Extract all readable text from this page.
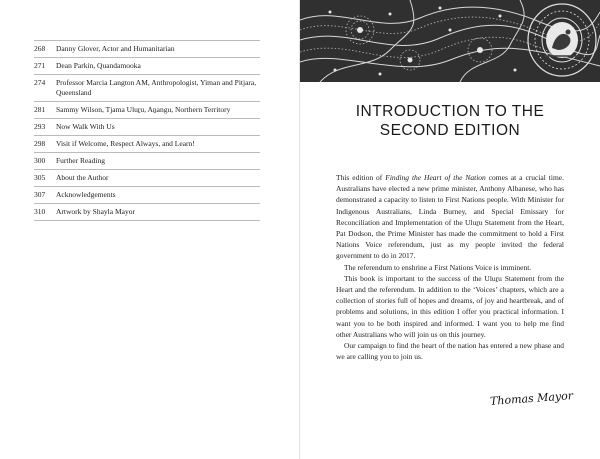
268	Danny Glover, Actor and Humanitarian
271	Dean Parkin, Quandamooka
274	Professor Marcia Langton AM, Anthropologist, Yiman and Pitjara, Queensland
281	Sammy Wilson, Tjama Uluṟu, Aṉangu, Northern Territory
293	Now Walk With Us
298	Visit if Welcome, Respect Always, and Learn!
300	Further Reading
305	About the Author
307	Acknowledgements
310	Artwork by Shayla Mayor
INTRODUCTION TO THE
SECOND EDITION

This edition of Finding the Heart of the Nation comes at a crucial time. Australians have elected a new prime minister, Anthony Albanese, who has demonstrated a capacity to listen to First Nations people. With Minister for Indigenous Australians, Linda Burney, and Special Emissary for Reconciliation and Implementation of the Uluṟu Statement from the Heart, Pat Dodson, the Prime Minister has made the commitment to hold a First Nations Voice referendum, just as my people invited the federal government to do in 2017.

The referendum to enshrine a First Nations Voice is imminent.

This book is important to the success of the Uluṟu Statement from the Heart and the referendum. In addition to the ‘Voices’ chapters, which are a collection of stories full of hopes and dreams, of joy and heartbreak, and of problems and solutions, in this edition I offer you practical information. I want you to be both inspired and informed. I want you to help me find other Australians who will join us on this journey.

Our campaign to find the heart of the nation has entered a new phase and we are calling you to join us.

Thomas Mayor
